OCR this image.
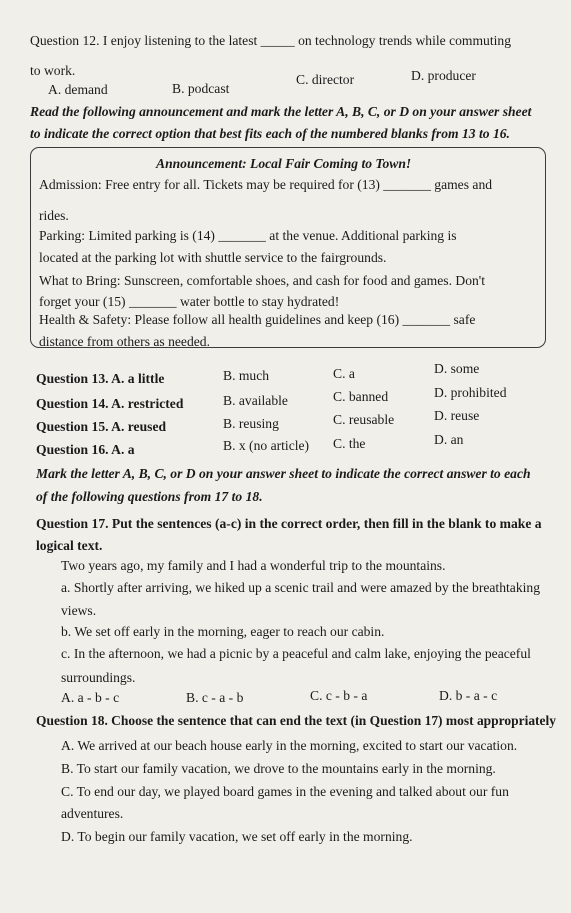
Question 12. I enjoy listening to the latest _____ on technology trends while commuting
to work.
A. demand	B. podcast
C. director	D. producer
Read the following announcement and mark the letter A, B, C, or D on your answer sheet
to indicate the correct option that best fits each of the numbered blanks from 13 to 16.
Announcement: Local Fair Coming to Town!
Admission: Free entry for all. Tickets may be required for (13) _______ games and
rides.
Parking: Limited parking is (14) _______ at the venue. Additional parking is
located at the parking lot with shuttle service to the fairgrounds.
What to Bring: Sunscreen, comfortable shoes, and cash for food and games. Don't
forget your (15) _______ water bottle to stay hydrated!
Health & Safety: Please follow all health guidelines and keep (16) _______ safe
distance from others as needed.
Question 13. A. a little	B. much	C. a	D. some
Question 14. A. restricted	B. available	C. banned	D. prohibited
Question 15. A. reused	B. reusing	C. reusable	D. reuse
Question 16. A. a	B. x (no article) C. the	D. an
Mark the letter A, B, C, or D on your answer sheet to indicate the correct answer to each
of the following questions from 17 to 18.
Question 17. Put the sentences (a-c) in the correct order, then fill in the blank to make a
logical text.
Two years ago, my family and I had a wonderful trip to the mountains.
a. Shortly after arriving, we hiked up a scenic trail and were amazed by the breathtaking
views.
b. We set off early in the morning, eager to reach our cabin.
c. In the afternoon, we had a picnic by a peaceful and calm lake, enjoying the peaceful
surroundings.
A. a - b - c	B. c - a - b	C. c - b - a	D. b - a - c
Question 18. Choose the sentence that can end the text (in Question 17) most appropriately
A. We arrived at our beach house early in the morning, excited to start our vacation.
B. To start our family vacation, we drove to the mountains early in the morning.
C. To end our day, we played board games in the evening and talked about our fun
adventures.
D. To begin our family vacation, we set off early in the morning.
